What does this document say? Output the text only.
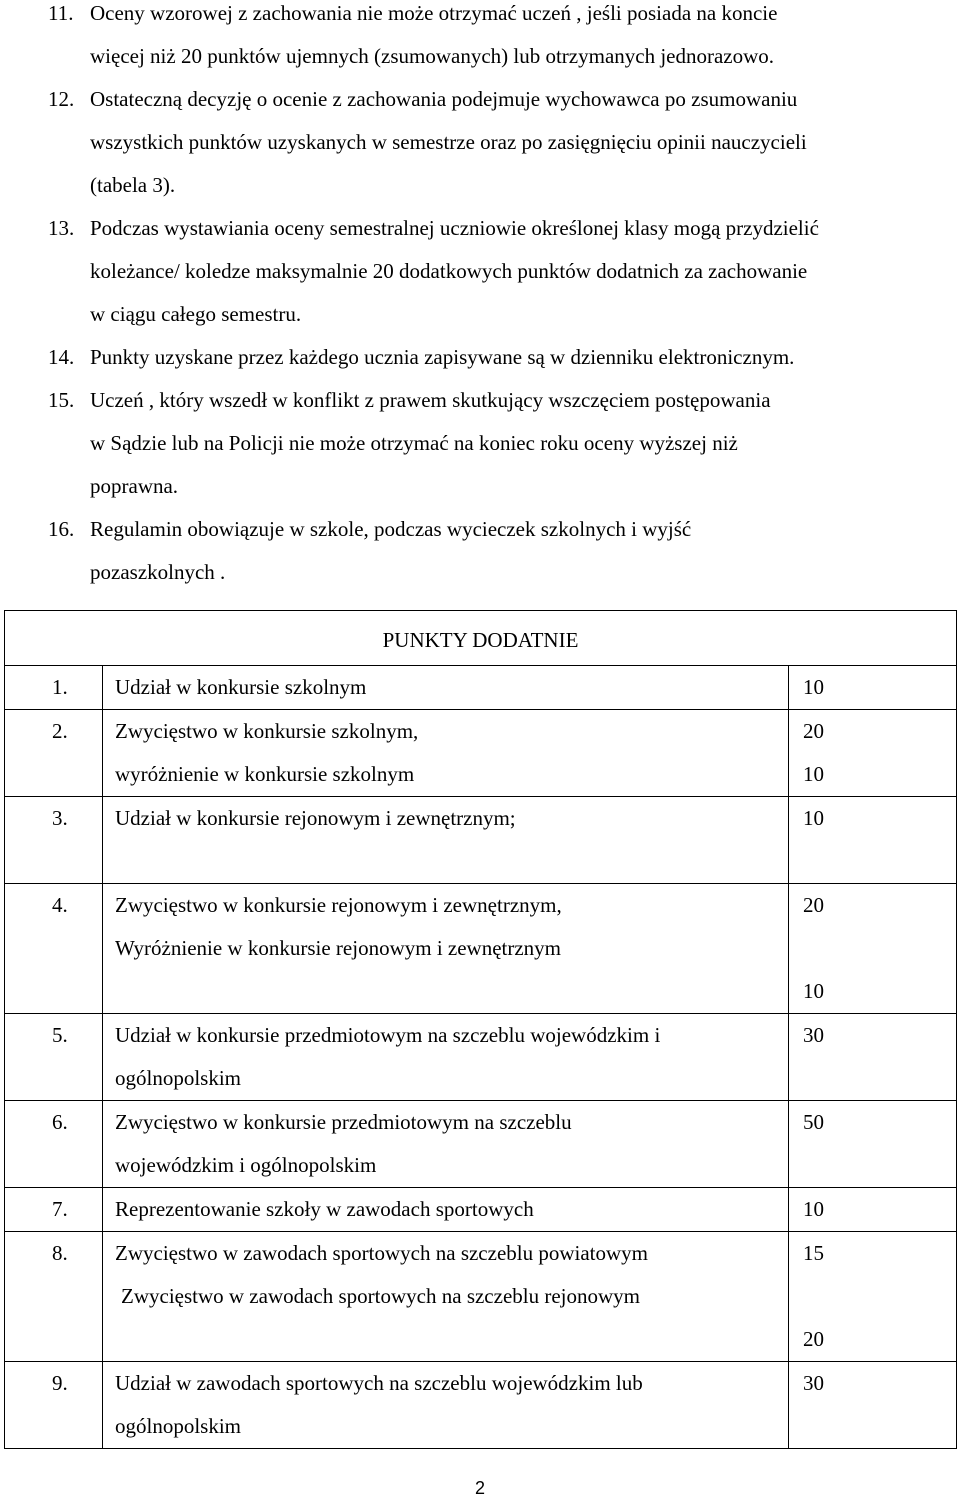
11. Oceny wzorowej z zachowania nie może otrzymać uczeń , jeśli posiada na koncie
więcej niż 20 punktów ujemnych (zsumowanych) lub otrzymanych jednorazowo.
12. Ostateczną decyzję o ocenie z zachowania podejmuje wychowawca po zsumowaniu
wszystkich punktów uzyskanych w semestrze oraz po zasięgnięciu opinii nauczycieli
(tabela 3).
13. Podczas wystawiania oceny semestralnej uczniowie określonej klasy mogą przydzielić
koleżance/ koledze maksymalnie 20 dodatkowych punktów dodatnich za zachowanie
w ciągu całego semestru.
14. Punkty uzyskane przez każdego ucznia zapisywane są w dzienniku elektronicznym.
15. Uczeń , który wszedł w konflikt z prawem skutkujący wszczęciem postępowania
w Sądzie lub na Policji nie może otrzymać na koniec roku oceny wyższej niż
poprawna.
16. Regulamin obowiązuje w szkole, podczas wycieczek szkolnych i wyjść
pozaszkolnych .
PUNKTY DODATNIE		
1.	Udział w konkursie szkolnym	10

2.	Zwycięstwo w konkursie szkolnym,
wyróżnienie w konkursie szkolnym	20
10

3.	Udział w konkursie rejonowym i zewnętrznym;	10

4.	Zwycięstwo w konkursie rejonowym i zewnętrznym,
Wyróżnienie w konkursie rejonowym i zewnętrznym	20

10

5.	Udział w konkursie przedmiotowym na szczeblu wojewódzkim i
ogólnopolskim	30

6.	Zwycięstwo w konkursie przedmiotowym na szczeblu
wojewódzkim i ogólnopolskim	50

7.	Reprezentowanie szkoły w zawodach sportowych	10

8.	Zwycięstwo w zawodach sportowych na szczeblu powiatowym
Zwycięstwo w zawodach sportowych na szczeblu rejonowym	15

20

9.	Udział w zawodach sportowych na szczeblu wojewódzkim lub
ogólnopolskim	30
2
